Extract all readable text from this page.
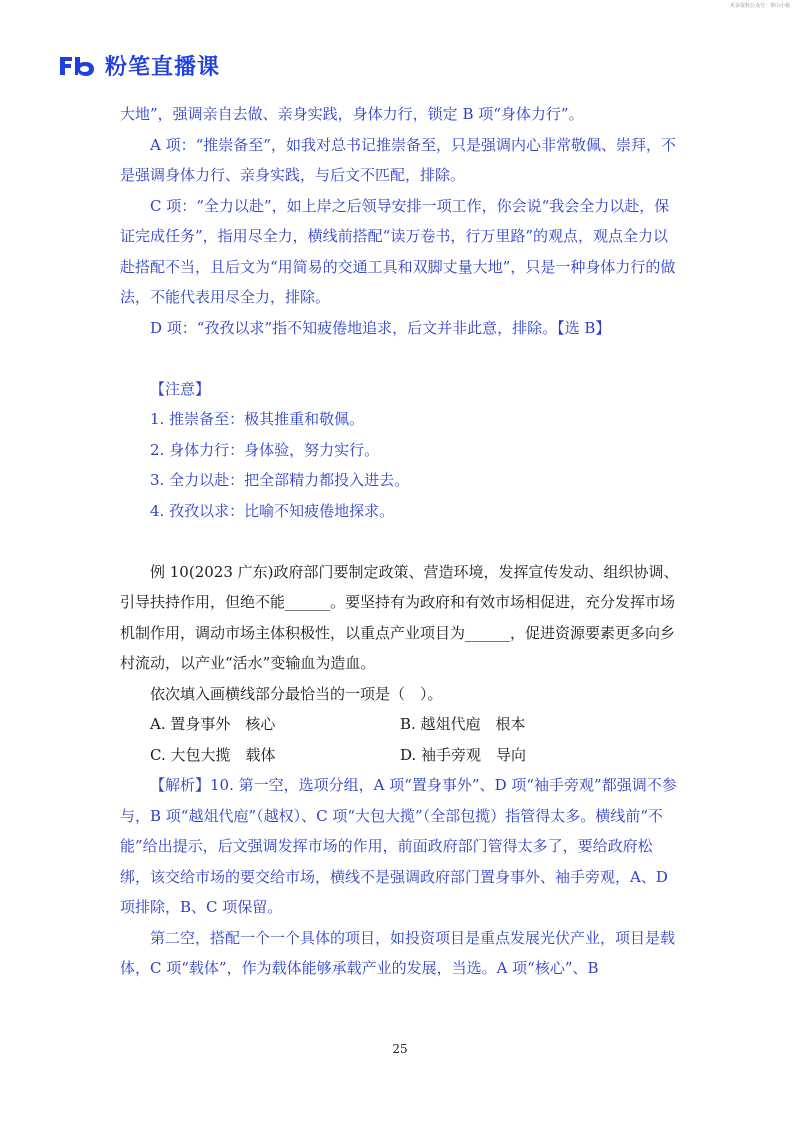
更多资料公众号：带山小猪
粉笔直播课

大地”，强调亲自去做、亲身实践，身体力行，锁定 B 项“身体力行”。

A 项：“推崇备至”，如我对总书记推崇备至，只是强调内心非常敬佩、崇拜，不是强调身体力行、亲身实践，与后文不匹配，排除。

C 项：“全力以赴”，如上岸之后领导安排一项工作，你会说“我会全力以赴，保证完成任务”，指用尽全力，横线前搭配“读万卷书，行万里路”的观点，观点全力以赴搭配不当，且后文为“用简易的交通工具和双脚丈量大地”，只是一种身体力行的做法，不能代表用尽全力，排除。

D 项：“孜孜以求”指不知疲倦地追求，后文并非此意，排除。【选 B】

【注意】

1. 推崇备至：极其推重和敬佩。

2. 身体力行：身体验，努力实行。

3. 全力以赴：把全部精力都投入进去。

4. 孜孜以求：比喻不知疲倦地探求。

例 10(2023 广东)政府部门要制定政策、营造环境，发挥宣传发动、组织协调、引导扶持作用，但绝不能______。要坚持有为政府和有效市场相促进，充分发挥市场机制作用，调动市场主体积极性，以重点产业项目为______，促进资源要素更多向乡村流动，以产业“活水”变输血为造血。

依次填入画横线部分最恰当的一项是（　）。

A. 置身事外　核心	B. 越俎代庖　根本
C. 大包大揽　载体	D. 袖手旁观　导向

【解析】10. 第一空，选项分组，A 项“置身事外”、D 项“袖手旁观”都强调不参与，B 项“越俎代庖”（越权）、C 项“大包大揽”（全部包揽）指管得太多。横线前“不能”给出提示，后文强调发挥市场的作用，前面政府部门管得太多了，要给政府松绑，该交给市场的要交给市场，横线不是强调政府部门置身事外、袖手旁观，A、D 项排除，B、C 项保留。

第二空，搭配一个一个具体的项目，如投资项目是重点发展光伏产业，项目是载体，C 项“载体”，作为载体能够承载产业的发展，当选。A 项“核心”、B

25
